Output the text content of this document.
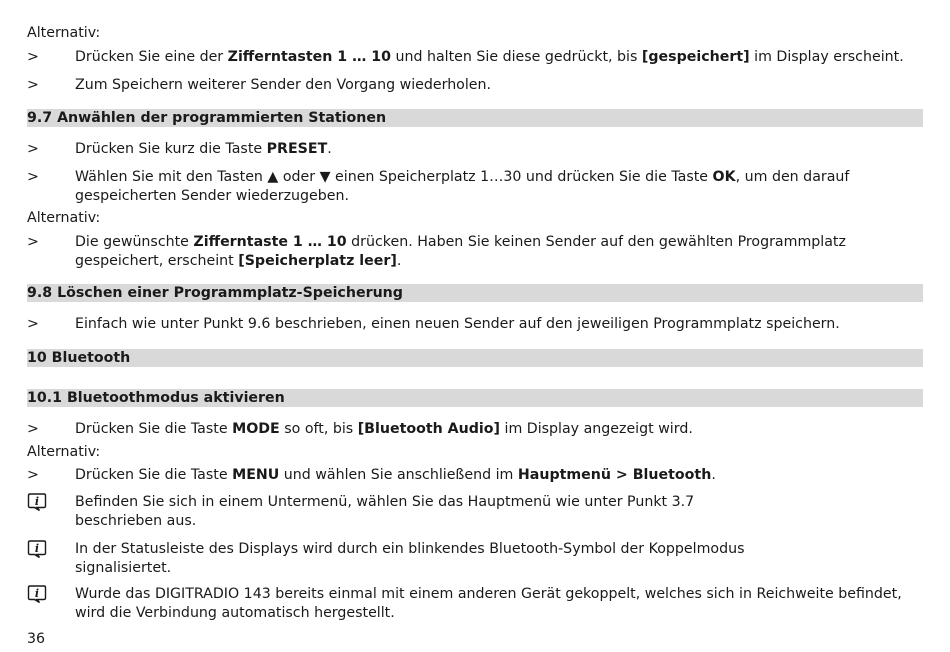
Alternativ:
>	Drücken Sie eine der Zifferntasten 1 … 10 und halten Sie diese gedrückt, bis [gespeichert] im Display erscheint.
>	Zum Speichern weiterer Sender den Vorgang wiederholen.
9.7 Anwählen der programmierten Stationen
>	Drücken Sie kurz die Taste PRESET.
>	Wählen Sie mit den Tasten ▲ oder ▼ einen Speicherplatz 1…30 und drücken Sie die Taste OK, um den darauf gespeicherten Sender wiederzugeben.
Alternativ:
>	Die gewünschte Zifferntaste 1 … 10 drücken. Haben Sie keinen Sender auf den gewählten Programmplatz gespeichert, erscheint [Speicherplatz leer].
9.8 Löschen einer Programmplatz-Speicherung
>	Einfach wie unter Punkt 9.6 beschrieben, einen neuen Sender auf den jeweiligen Programmplatz speichern.
10 Bluetooth
10.1 Bluetoothmodus aktivieren
>	Drücken Sie die Taste MODE so oft, bis [Bluetooth Audio] im Display angezeigt wird.
Alternativ:
>	Drücken Sie die Taste MENU und wählen Sie anschließend im Hauptmenü > Bluetooth.
i	Befinden Sie sich in einem Untermenü, wählen Sie das Hauptmenü wie unter Punkt 3.7 beschrieben aus.
i	In der Statusleiste des Displays wird durch ein blinkendes Bluetooth-Symbol der Koppelmodus signalisiertet.
i	Wurde das DIGITRADIO 143 bereits einmal mit einem anderen Gerät gekoppelt, welches sich in Reichweite befindet, wird die Verbindung automatisch hergestellt.
36
